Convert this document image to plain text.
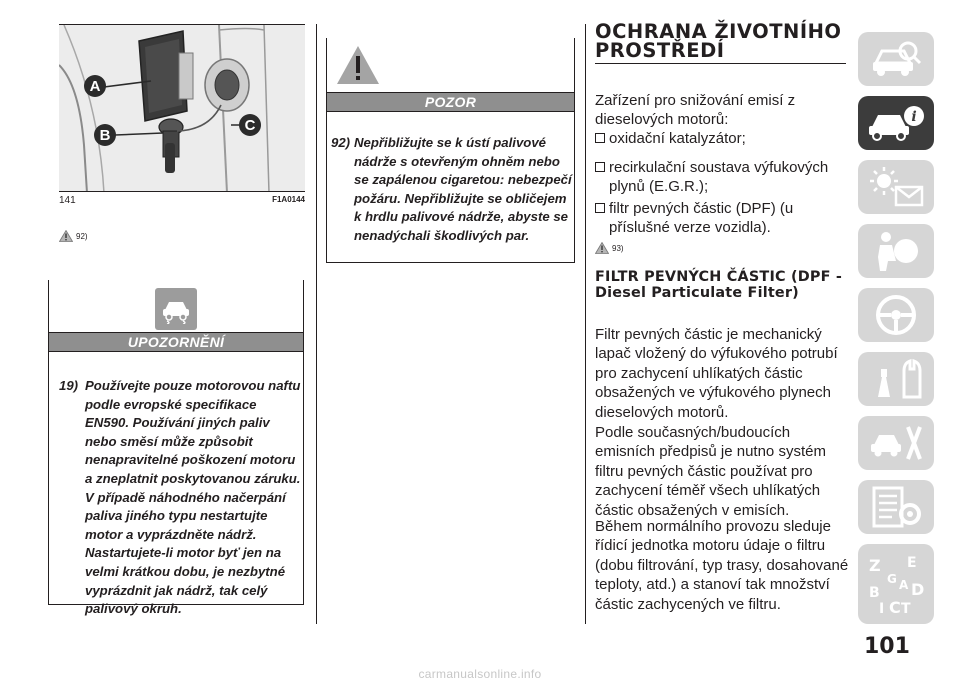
A
B
C
141	F1A0144
92)
UPOZORNĚNÍ
19) Používejte pouze motorovou naftu podle evropské specifikace EN590. Používání jiných paliv nebo směsí může způsobit nenapravitelné poškození motoru a zneplatnit poskytovanou záruku. V případě náhodného načerpání paliva jiného typu nestartujte motor a vyprázdněte nádrž. Nastartujete-li motor byť jen na velmi krátkou dobu, je nezbytné vyprázdnit jak nádrž, tak celý palivový okruh.
POZOR
92) Nepřibližujte se k ústí palivové nádrže s otevřeným ohněm nebo se zapálenou cigaretou: nebezpečí požáru. Nepřibližujte se obličejem k hrdlu palivové nádrže, abyste se nenadýchali škodlivých par.
OCHRANA ŽIVOTNÍHO PROSTŘEDÍ
Zařízení pro snižování emisí z dieselových motorů:
oxidační katalyzátor;
recirkulační soustava výfukových plynů (E.G.R.);
filtr pevných částic (DPF) (u příslušné verze vozidla).
93)
FILTR PEVNÝCH ČÁSTIC (DPF - Diesel Particulate Filter)
Filtr pevných částic je mechanický lapač vložený do výfukového potrubí pro zachycení uhlíkatých částic obsažených ve výfukového plynech dieselových motorů.
Podle současných/budoucích emisních předpisů je nutno systém filtru pevných částic používat pro zachycení téměř všech uhlíkatých částic obsažených v emisích.
Během normálního provozu sleduje řídicí jednotka motoru údaje o filtru (dobu filtrování, typ trasy, dosahované teploty, atd.) a stanoví tak množství částic zachycených ve filtru.
i
Z E
G
B D
I C T
A
101
carmanualsonline.info
